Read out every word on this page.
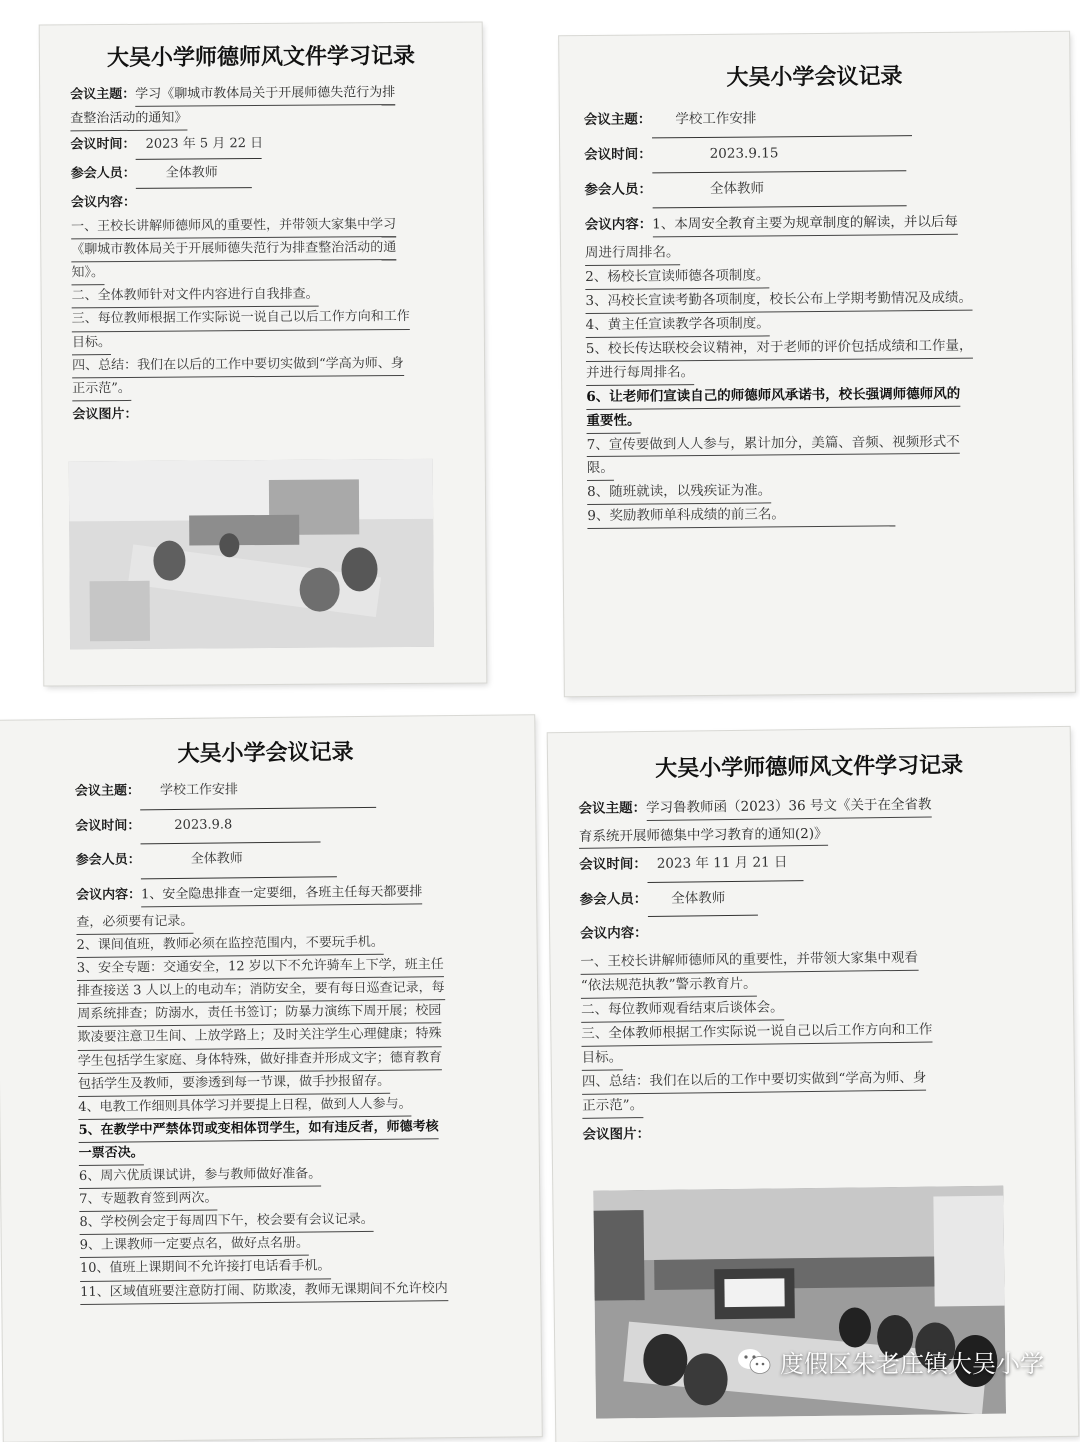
大吴小学师德师风文件学习记录
会议主题： 学习《聊城市教体局关于开展师德失范行为排
查整治活动的通知》
会议时间： 2023 年 5 月 22 日
参会人员：	全体教师
会议内容：
一、王校长讲解师德师风的重要性，并带领大家集中学习
《聊城市教体局关于开展师德失范行为排查整治活动的通
知》。
二、全体教师针对文件内容进行自我排查。
三、每位教师根据工作实际说一说自己以后工作方向和工作
目标。
四、总结：我们在以后的工作中要切实做到“学高为师、身
正示范”。
会议图片：
大吴小学会议记录
会议主题：	学校工作安排
会议时间：	2023.9.15
参会人员：	全体教师
会议内容： 1、本周安全教育主要为规章制度的解读，并以后每
周进行周排名。
2、杨校长宣读师德各项制度。
3、冯校长宣读考勤各项制度，校长公布上学期考勤情况及成绩。
4、黄主任宣读教学各项制度。
5、校长传达联校会议精神，对于老师的评价包括成绩和工作量，
并进行每周排名。
6、让老师们宣读自己的师德师风承诺书，校长强调师德师风的
重要性。
7、宣传要做到人人参与，累计加分，美篇、音频、视频形式不
限。
8、随班就读，以残疾证为准。
9、奖励教师单科成绩的前三名。
大吴小学会议记录
会议主题：	学校工作安排
会议时间：	2023.9.8
参会人员：	全体教师
会议内容： 1、安全隐患排查一定要细，各班主任每天都要排
查，必须要有记录。
2、课间值班，教师必须在监控范围内，不要玩手机。
3、安全专题：交通安全，12 岁以下不允许骑车上下学，班主任
排查接送 3 人以上的电动车；消防安全，要有每日巡查记录，每
周系统排查；防溺水，责任书签订；防暴力演练下周开展；校园
欺凌要注意卫生间、上放学路上；及时关注学生心理健康；特殊
学生包括学生家庭、身体特殊，做好排查并形成文字；德育教育
包括学生及教师，要渗透到每一节课，做手抄报留存。
4、电教工作细则具体学习并要提上日程，做到人人参与。
5、在教学中严禁体罚或变相体罚学生，如有违反者，师德考核
一票否决。
6、周六优质课试讲，参与教师做好准备。
7、专题教育签到两次。
8、学校例会定于每周四下午，校会要有会议记录。
9、上课教师一定要点名，做好点名册。
10、值班上课期间不允许接打电话看手机。
11、区域值班要注意防打闹、防欺凌，教师无课期间不允许校内
大吴小学师德师风文件学习记录
会议主题： 学习鲁教师函（2023）36 号文《关于在全省教
育系统开展师德集中学习教育的通知(2)》
会议时间： 2023 年 11 月 21 日
参会人员：	全体教师
会议内容：
一、王校长讲解师德师风的重要性，并带领大家集中观看
“依法规范执教”警示教育片。
二、每位教师观看结束后谈体会。
三、全体教师根据工作实际说一说自己以后工作方向和工作
目标。
四、总结：我们在以后的工作中要切实做到“学高为师、身
正示范”。
会议图片：
度假区朱老庄镇大吴小学
